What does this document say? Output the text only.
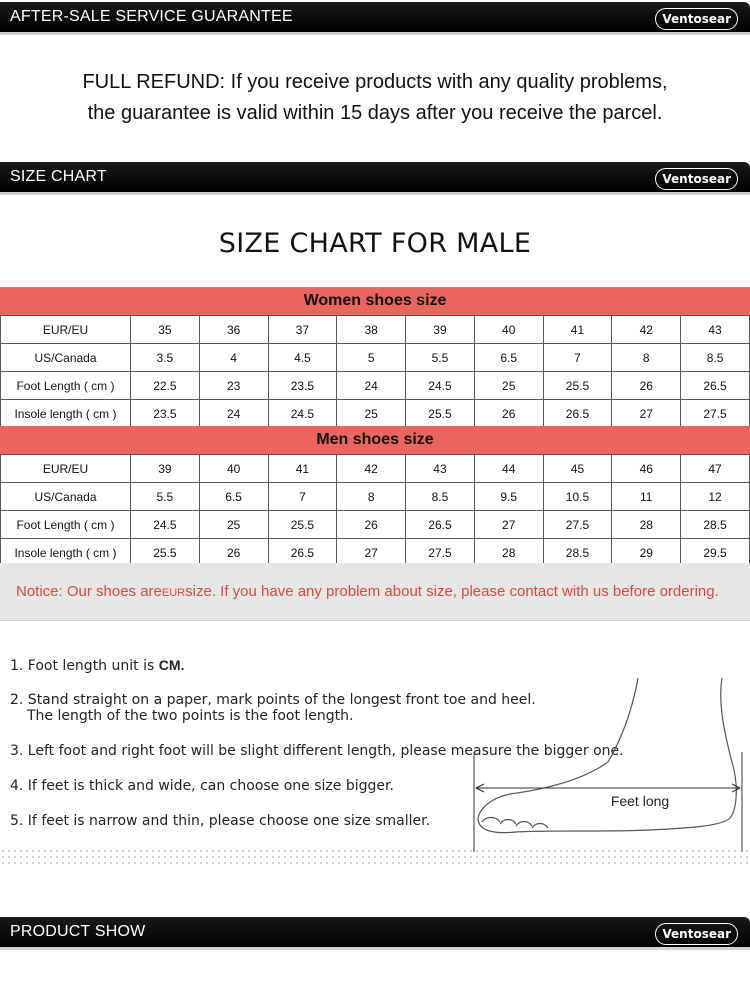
AFTER-SALE SERVICE GUARANTEE	Ventosear
FULL REFUND: If you receive products with any quality problems,
the guarantee is valid within 15 days after you receive the parcel.
SIZE CHART	Ventosear
SIZE CHART FOR MALE
Women shoes size
EUR/EU	35	36	37	38	39	40	41	42	43
US/Canada	3.5	4	4.5	5	5.5	6.5	7	8	8.5
Foot Length ( cm )	22.5	23	23.5	24	24.5	25	25.5	26	26.5
Insole length ( cm )	23.5	24	24.5	25	25.5	26	26.5	27	27.5
Men shoes size
EUR/EU	39	40	41	42	43	44	45	46	47
US/Canada	5.5	6.5	7	8	8.5	9.5	10.5	11	12
Foot Length ( cm )	24.5	25	25.5	26	26.5	27	27.5	28	28.5
Insole length ( cm )	25.5	26	26.5	27	27.5	28	28.5	29	29.5
Notice: Our shoes areEURsize. If you have any problem about size, please contact with us before ordering.
1. Foot length unit is CM.
2. Stand straight on a paper, mark points of the longest front toe and heel.
The length of the two points is the foot length.
3. Left foot and right foot will be slight different length, please measure the bigger one.
4. If feet is thick and wide, can choose one size bigger.
5. If feet is narrow and thin, please choose one size smaller.
Feet long
PRODUCT SHOW	Ventosear
